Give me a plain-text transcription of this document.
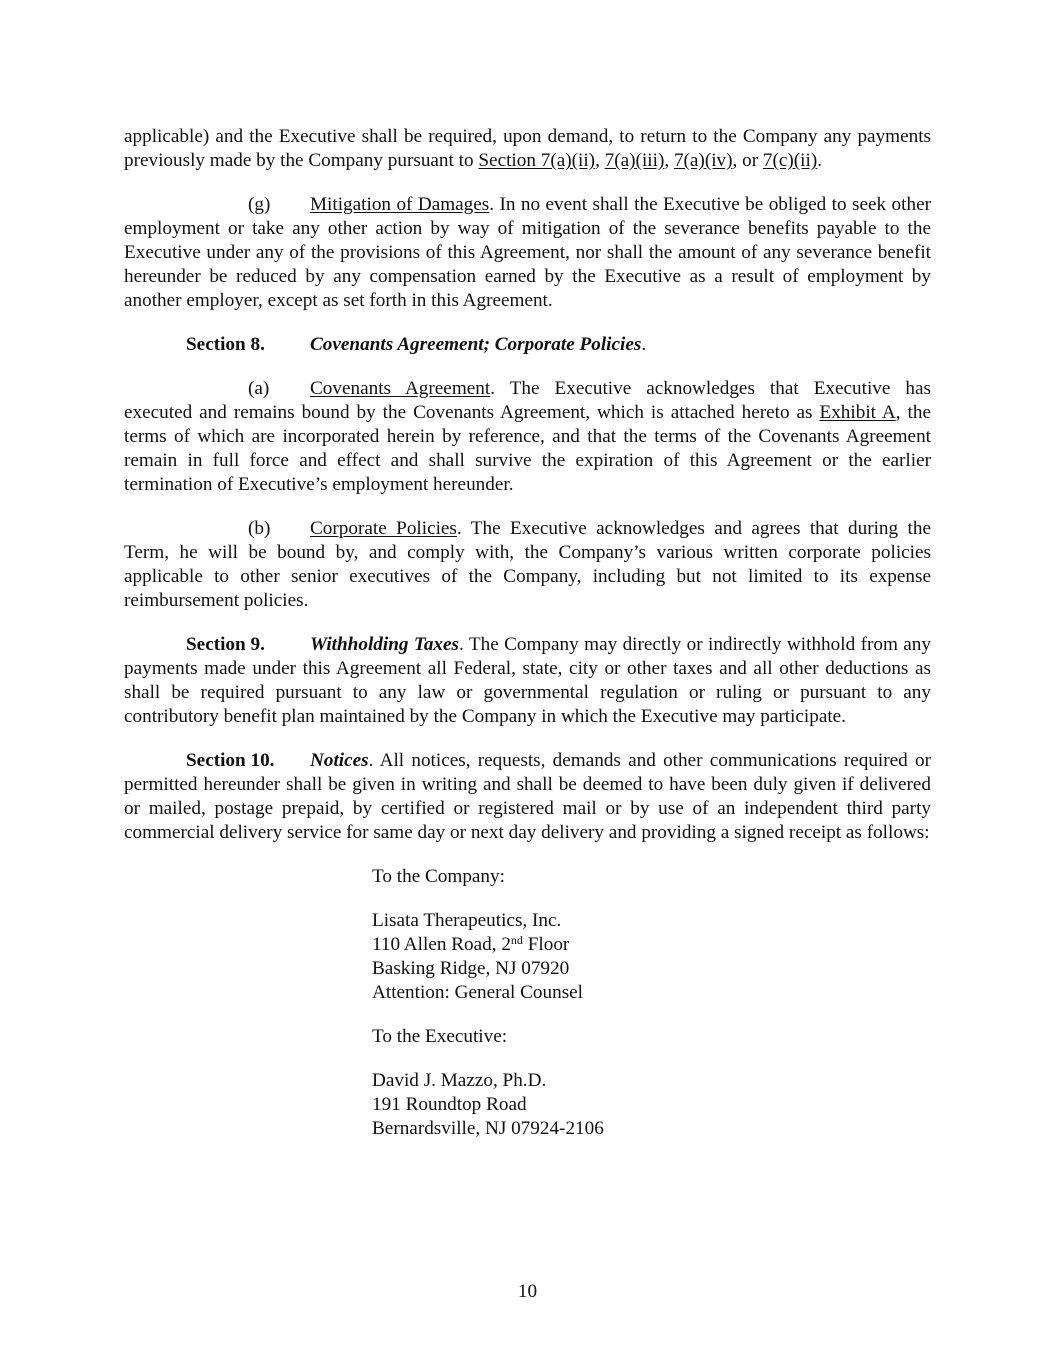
applicable) and the Executive shall be required, upon demand, to return to the Company any payments previously made by the Company pursuant to Section 7(a)(ii), 7(a)(iii), 7(a)(iv), or 7(c)(ii).

(g) Mitigation of Damages. In no event shall the Executive be obliged to seek other employment or take any other action by way of mitigation of the severance benefits payable to the Executive under any of the provisions of this Agreement, nor shall the amount of any severance benefit hereunder be reduced by any compensation earned by the Executive as a result of employment by another employer, except as set forth in this Agreement.

Section 8. Covenants Agreement; Corporate Policies.

(a) Covenants Agreement. The Executive acknowledges that Executive has executed and remains bound by the Covenants Agreement, which is attached hereto as Exhibit A, the terms of which are incorporated herein by reference, and that the terms of the Covenants Agreement remain in full force and effect and shall survive the expiration of this Agreement or the earlier termination of Executive’s employment hereunder.

(b) Corporate Policies. The Executive acknowledges and agrees that during the Term, he will be bound by, and comply with, the Company’s various written corporate policies applicable to other senior executives of the Company, including but not limited to its expense reimbursement policies.

Section 9. Withholding Taxes. The Company may directly or indirectly withhold from any payments made under this Agreement all Federal, state, city or other taxes and all other deductions as shall be required pursuant to any law or governmental regulation or ruling or pursuant to any contributory benefit plan maintained by the Company in which the Executive may participate.

Section 10. Notices. All notices, requests, demands and other communications required or permitted hereunder shall be given in writing and shall be deemed to have been duly given if delivered or mailed, postage prepaid, by certified or registered mail or by use of an independent third party commercial delivery service for same day or next day delivery and providing a signed receipt as follows:

To the Company:
Lisata Therapeutics, Inc.
110 Allen Road, 2nd Floor
Basking Ridge, NJ 07920
Attention: General Counsel
To the Executive:
David J. Mazzo, Ph.D.
191 Roundtop Road
Bernardsville, NJ 07924-2106
10
